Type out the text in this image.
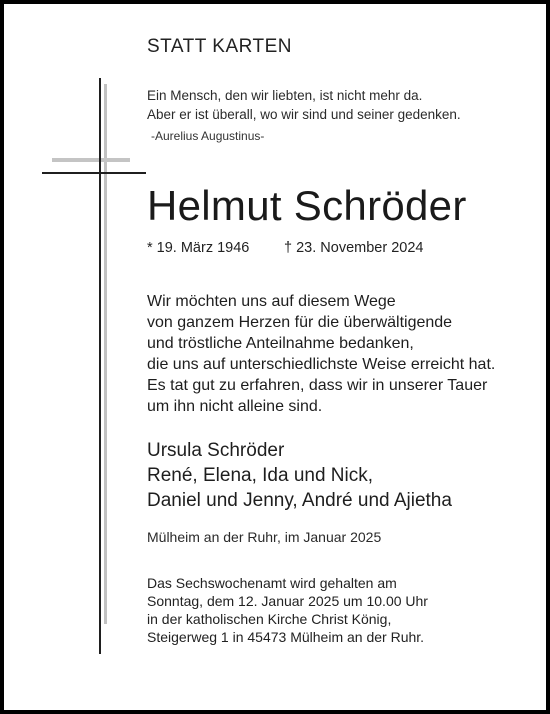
STATT KARTEN

Ein Mensch, den wir liebten, ist nicht mehr da.

Aber er ist überall, wo wir sind und seiner gedenken.

-Aurelius Augustinus-

Helmut Schröder

* 19. März 1946 † 23. November 2024

Wir möchten uns auf diesem Wege

von ganzem Herzen für die überwältigende

und tröstliche Anteilnahme bedanken,

die uns auf unterschiedlichste Weise erreicht hat.

Es tat gut zu erfahren, dass wir in unserer Tauer

um ihn nicht alleine sind.

Ursula Schröder

René, Elena, Ida und Nick,

Daniel und Jenny, André und Ajietha

Mülheim an der Ruhr, im Januar 2025

Das Sechswochenamt wird gehalten am

Sonntag, dem 12. Januar 2025 um 10.00 Uhr

in der katholischen Kirche Christ König,

Steigerweg 1 in 45473 Mülheim an der Ruhr.
